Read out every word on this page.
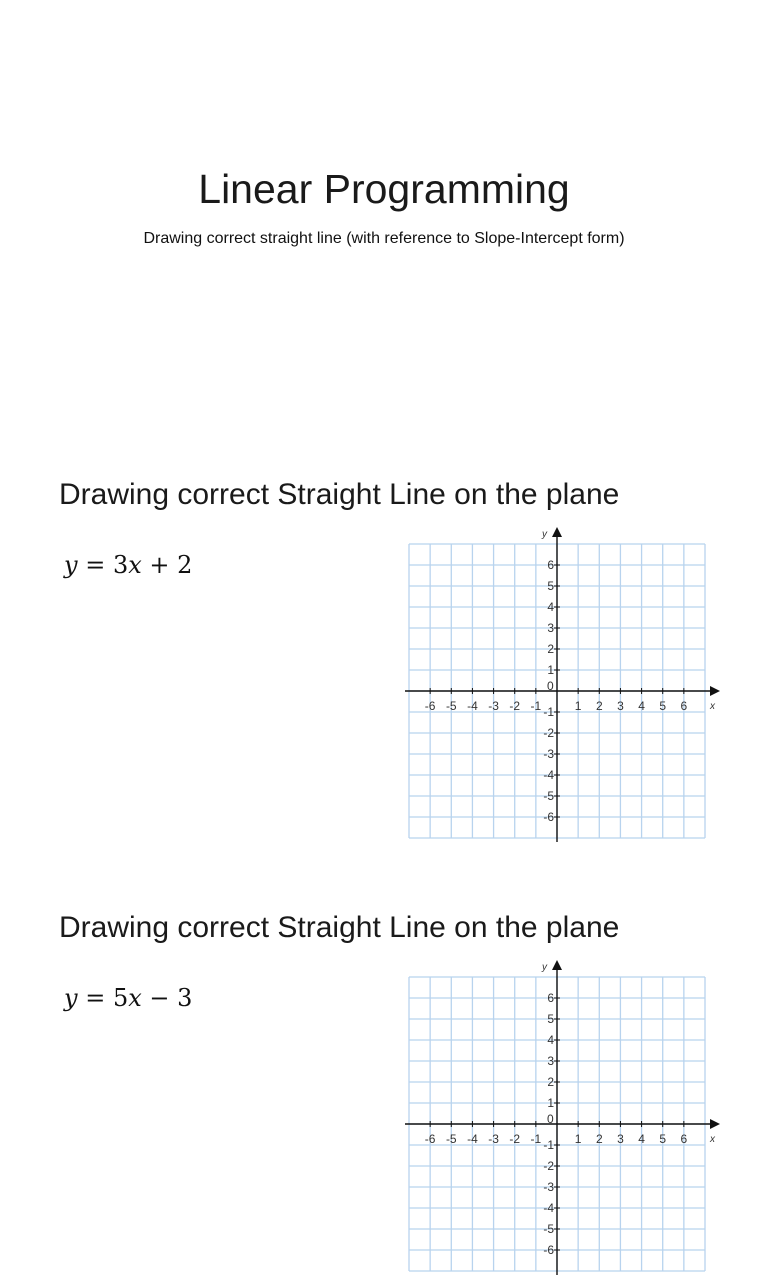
Linear Programming
Drawing correct straight line (with reference to Slope-Intercept form)
Drawing correct Straight Line on the plane
y = 3x + 2
x
y
0
-6 -5 -4 -3 -2 -1	1 2 3 4 5 6
6
5
4
3
2
1
-1
-2
-3
-4
-5
-6
Drawing correct Straight Line on the plane
y = 5x − 3
x
y
0
-6 -5 -4 -3 -2 -1	1 2 3 4 5 6
6
5
4
3
2
1
-1
-2
-3
-4
-5
-6
